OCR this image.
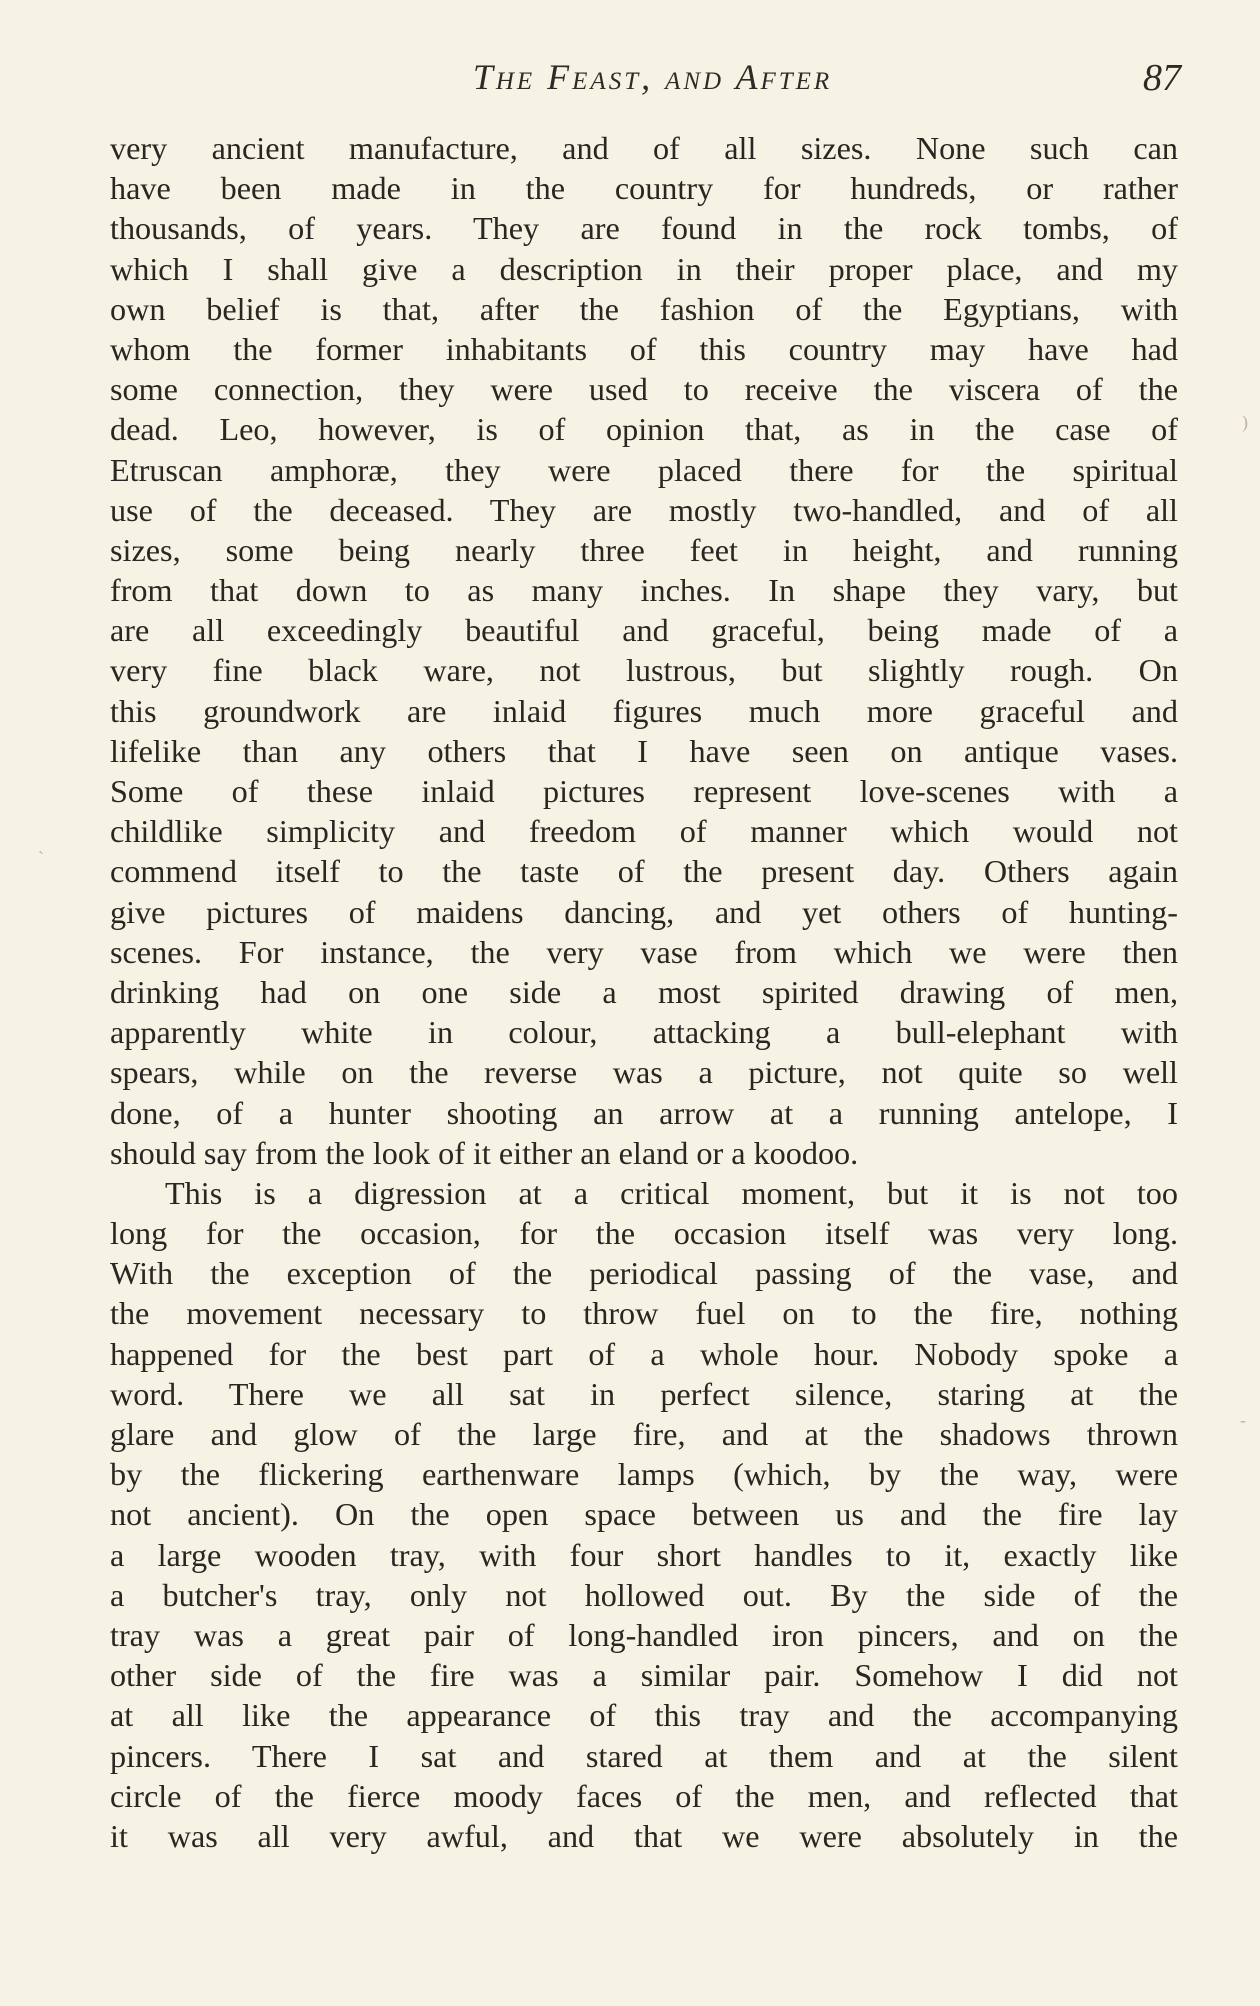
The Feast, and After	87
very ancient manufacture, and of all sizes. None such can
have been made in the country for hundreds, or rather
thousands, of years. They are found in the rock tombs, of
which I shall give a description in their proper place, and my
own belief is that, after the fashion of the Egyptians, with
whom the former inhabitants of this country may have had
some connection, they were used to receive the viscera of the
dead. Leo, however, is of opinion that, as in the case of
Etruscan amphoræ, they were placed there for the spiritual
use of the deceased. They are mostly two-handled, and of all
sizes, some being nearly three feet in height, and running
from that down to as many inches. In shape they vary, but
are all exceedingly beautiful and graceful, being made of a
very fine black ware, not lustrous, but slightly rough. On
this groundwork are inlaid figures much more graceful and
lifelike than any others that I have seen on antique vases.
Some of these inlaid pictures represent love-scenes with a
childlike simplicity and freedom of manner which would not
commend itself to the taste of the present day. Others again
give pictures of maidens dancing, and yet others of hunting-
scenes. For instance, the very vase from which we were then
drinking had on one side a most spirited drawing of men,
apparently white in colour, attacking a bull-elephant with
spears, while on the reverse was a picture, not quite so well
done, of a hunter shooting an arrow at a running antelope, I
should say from the look of it either an eland or a koodoo.
This is a digression at a critical moment, but it is not too
long for the occasion, for the occasion itself was very long.
With the exception of the periodical passing of the vase, and
the movement necessary to throw fuel on to the fire, nothing
happened for the best part of a whole hour. Nobody spoke a
word. There we all sat in perfect silence, staring at the
glare and glow of the large fire, and at the shadows thrown
by the flickering earthenware lamps (which, by the way, were
not ancient). On the open space between us and the fire lay
a large wooden tray, with four short handles to it, exactly like
a butcher's tray, only not hollowed out. By the side of the
tray was a great pair of long-handled iron pincers, and on the
other side of the fire was a similar pair. Somehow I did not
at all like the appearance of this tray and the accompanying
pincers. There I sat and stared at them and at the silent
circle of the fierce moody faces of the men, and reflected that
it was all very awful, and that we were absolutely in the
)
`
-
